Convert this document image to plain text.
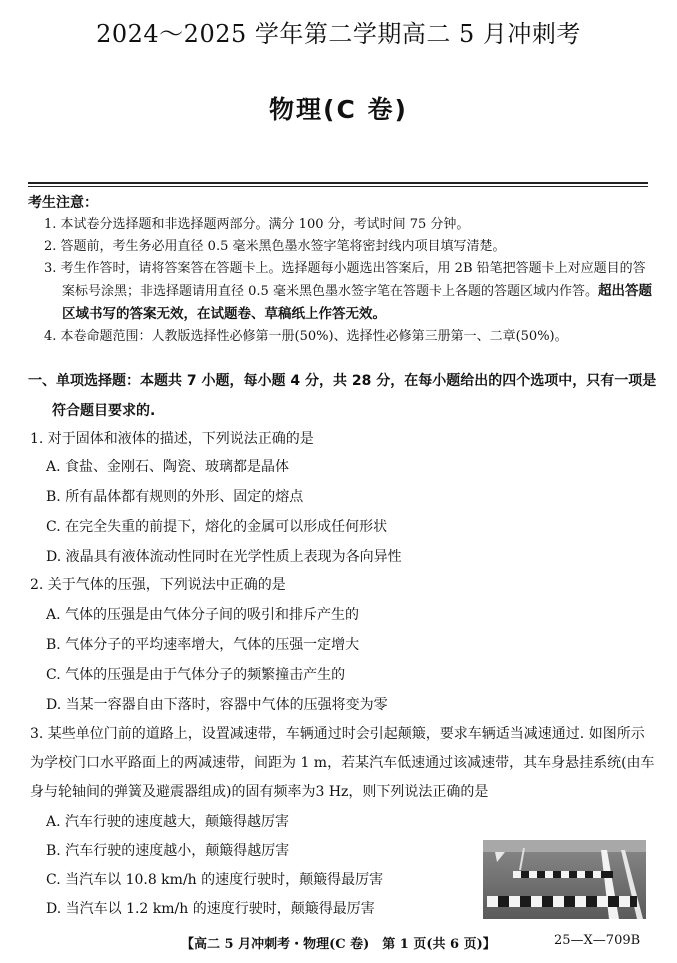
2024～2025 学年第二学期高二 5 月冲刺考
物理(C 卷)
考生注意：
1. 本试卷分选择题和非选择题两部分。满分 100 分，考试时间 75 分钟。
2. 答题前，考生务必用直径 0.5 毫米黑色墨水签字笔将密封线内项目填写清楚。
3. 考生作答时，请将答案答在答题卡上。选择题每小题选出答案后，用 2B 铅笔把答题卡上对应题目的答案标号涂黑；非选择题请用直径 0.5 毫米黑色墨水签字笔在答题卡上各题的答题区域内作答。超出答题区域书写的答案无效，在试题卷、草稿纸上作答无效。
4. 本卷命题范围：人教版选择性必修第一册(50%)、选择性必修第三册第一、二章(50%)。
一、单项选择题：本题共 7 小题，每小题 4 分，共 28 分，在每小题给出的四个选项中，只有一项是
符合题目要求的.
1. 对于固体和液体的描述，下列说法正确的是
A. 食盐、金刚石、陶瓷、玻璃都是晶体
B. 所有晶体都有规则的外形、固定的熔点
C. 在完全失重的前提下，熔化的金属可以形成任何形状
D. 液晶具有液体流动性同时在光学性质上表现为各向异性
2. 关于气体的压强，下列说法中正确的是
A. 气体的压强是由气体分子间的吸引和排斥产生的
B. 气体分子的平均速率增大，气体的压强一定增大
C. 气体的压强是由于气体分子的频繁撞击产生的
D. 当某一容器自由下落时，容器中气体的压强将变为零
3. 某些单位门前的道路上，设置减速带，车辆通过时会引起颠簸，要求车辆适当减速通过. 如图所示为学校门口水平路面上的两减速带，间距为 1 m，若某汽车低速通过该减速带，其车身悬挂系统(由车身与轮轴间的弹簧及避震器组成)的固有频率为3 Hz，则下列说法正确的是
A. 汽车行驶的速度越大，颠簸得越厉害
B. 汽车行驶的速度越小，颠簸得越厉害
C. 当汽车以 10.8 km/h 的速度行驶时，颠簸得最厉害
D. 当汽车以 1.2 km/h 的速度行驶时，颠簸得最厉害
【高二 5 月冲刺考・物理(C 卷)　第 1 页(共 6 页)】	25—X—709B
